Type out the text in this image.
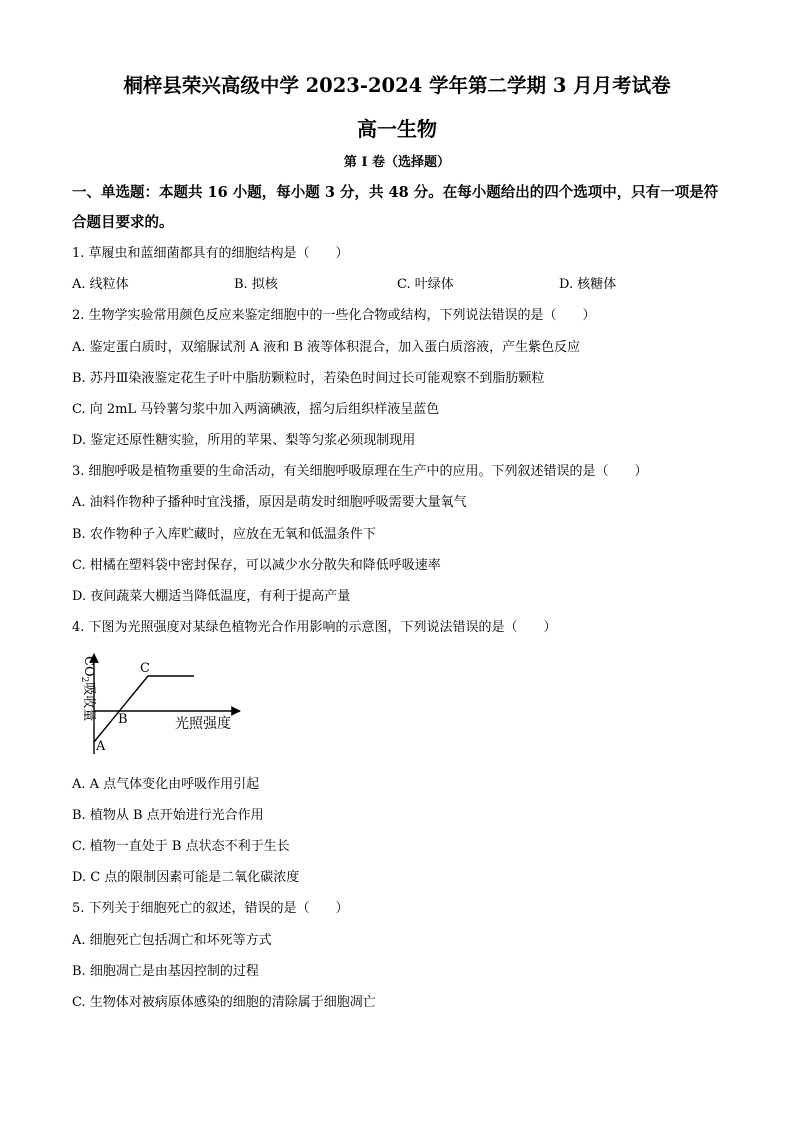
桐梓县荣兴高级中学 2023-2024 学年第二学期 3 月月考试卷
高一生物
第 I 卷（选择题）
一、单选题：本题共 16 小题，每小题 3 分，共 48 分。在每小题给出的四个选项中，只有一项是符合题目要求的。
1. 草履虫和蓝细菌都具有的细胞结构是（　　）
A. 线粒体	B. 拟核	C. 叶绿体	D. 核糖体
2. 生物学实验常用颜色反应来鉴定细胞中的一些化合物或结构，下列说法错误的是（　　）
A. 鉴定蛋白质时，双缩脲试剂 A 液和 B 液等体积混合，加入蛋白质溶液，产生紫色反应
B. 苏丹Ⅲ染液鉴定花生子叶中脂肪颗粒时，若染色时间过长可能观察不到脂肪颗粒
C. 向 2mL 马铃薯匀浆中加入两滴碘液，摇匀后组织样液呈蓝色
D. 鉴定还原性糖实验，所用的苹果、梨等匀浆必须现制现用
3. 细胞呼吸是植物重要的生命活动，有关细胞呼吸原理在生产中的应用。下列叙述错误的是（　　）
A. 油料作物种子播种时宜浅播，原因是萌发时细胞呼吸需要大量氧气
B. 农作物种子入库贮藏时，应放在无氧和低温条件下
C. 柑橘在塑料袋中密封保存，可以减少水分散失和降低呼吸速率
D. 夜间蔬菜大棚适当降低温度，有利于提高产量
4. 下图为光照强度对某绿色植物光合作用影响的示意图，下列说法错误的是（　　）
A
B
C
光照强度
$CO_2$吸收量
A. A 点气体变化由呼吸作用引起
B. 植物从 B 点开始进行光合作用
C. 植物一直处于 B 点状态不利于生长
D. C 点的限制因素可能是二氧化碳浓度
5. 下列关于细胞死亡的叙述，错误的是（　　）
A. 细胞死亡包括凋亡和坏死等方式
B. 细胞凋亡是由基因控制的过程
C. 生物体对被病原体感染的细胞的清除属于细胞凋亡
